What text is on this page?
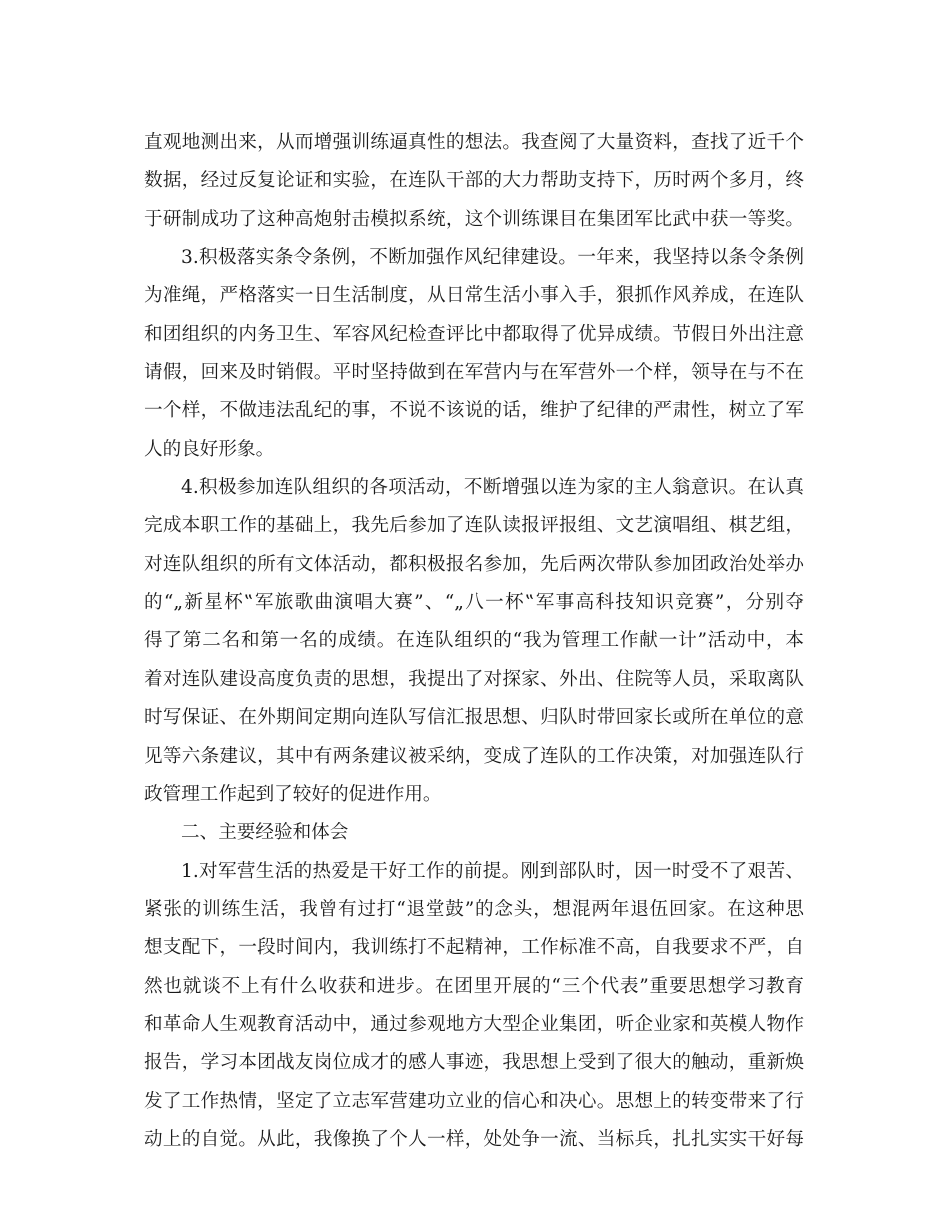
直观地测出来，从而增强训练逼真性的想法。我查阅了大量资料，查找了近千个
数据，经过反复论证和实验，在连队干部的大力帮助支持下，历时两个多月，终
于研制成功了这种高炮射击模拟系统，这个训练课目在集团军比武中获一等奖。
3.积极落实条令条例，不断加强作风纪律建设。一年来，我坚持以条令条例
为准绳，严格落实一日生活制度，从日常生活小事入手，狠抓作风养成，在连队
和团组织的内务卫生、军容风纪检查评比中都取得了优异成绩。节假日外出注意
请假，回来及时销假。平时坚持做到在军营内与在军营外一个样，领导在与不在
一个样，不做违法乱纪的事，不说不该说的话，维护了纪律的严肃性，树立了军
人的良好形象。
4.积极参加连队组织的各项活动，不断增强以连为家的主人翁意识。在认真
完成本职工作的基础上，我先后参加了连队读报评报组、文艺演唱组、棋艺组，
对连队组织的所有文体活动，都积极报名参加，先后两次带队参加团政治处举办
的“„新星杯‟军旅歌曲演唱大赛”、“„八一杯‟军事高科技知识竞赛”，分别夺
得了第二名和第一名的成绩。在连队组织的“我为管理工作献一计”活动中，本
着对连队建设高度负责的思想，我提出了对探家、外出、住院等人员，采取离队
时写保证、在外期间定期向连队写信汇报思想、归队时带回家长或所在单位的意
见等六条建议，其中有两条建议被采纳，变成了连队的工作决策，对加强连队行
政管理工作起到了较好的促进作用。
二、主要经验和体会
1.对军营生活的热爱是干好工作的前提。刚到部队时，因一时受不了艰苦、
紧张的训练生活，我曾有过打“退堂鼓”的念头，想混两年退伍回家。在这种思
想支配下，一段时间内，我训练打不起精神，工作标准不高，自我要求不严，自
然也就谈不上有什么收获和进步。在团里开展的“三个代表”重要思想学习教育
和革命人生观教育活动中，通过参观地方大型企业集团，听企业家和英模人物作
报告，学习本团战友岗位成才的感人事迹，我思想上受到了很大的触动，重新焕
发了工作热情，坚定了立志军营建功立业的信心和决心。思想上的转变带来了行
动上的自觉。从此，我像换了个人一样，处处争一流、当标兵，扎扎实实干好每
